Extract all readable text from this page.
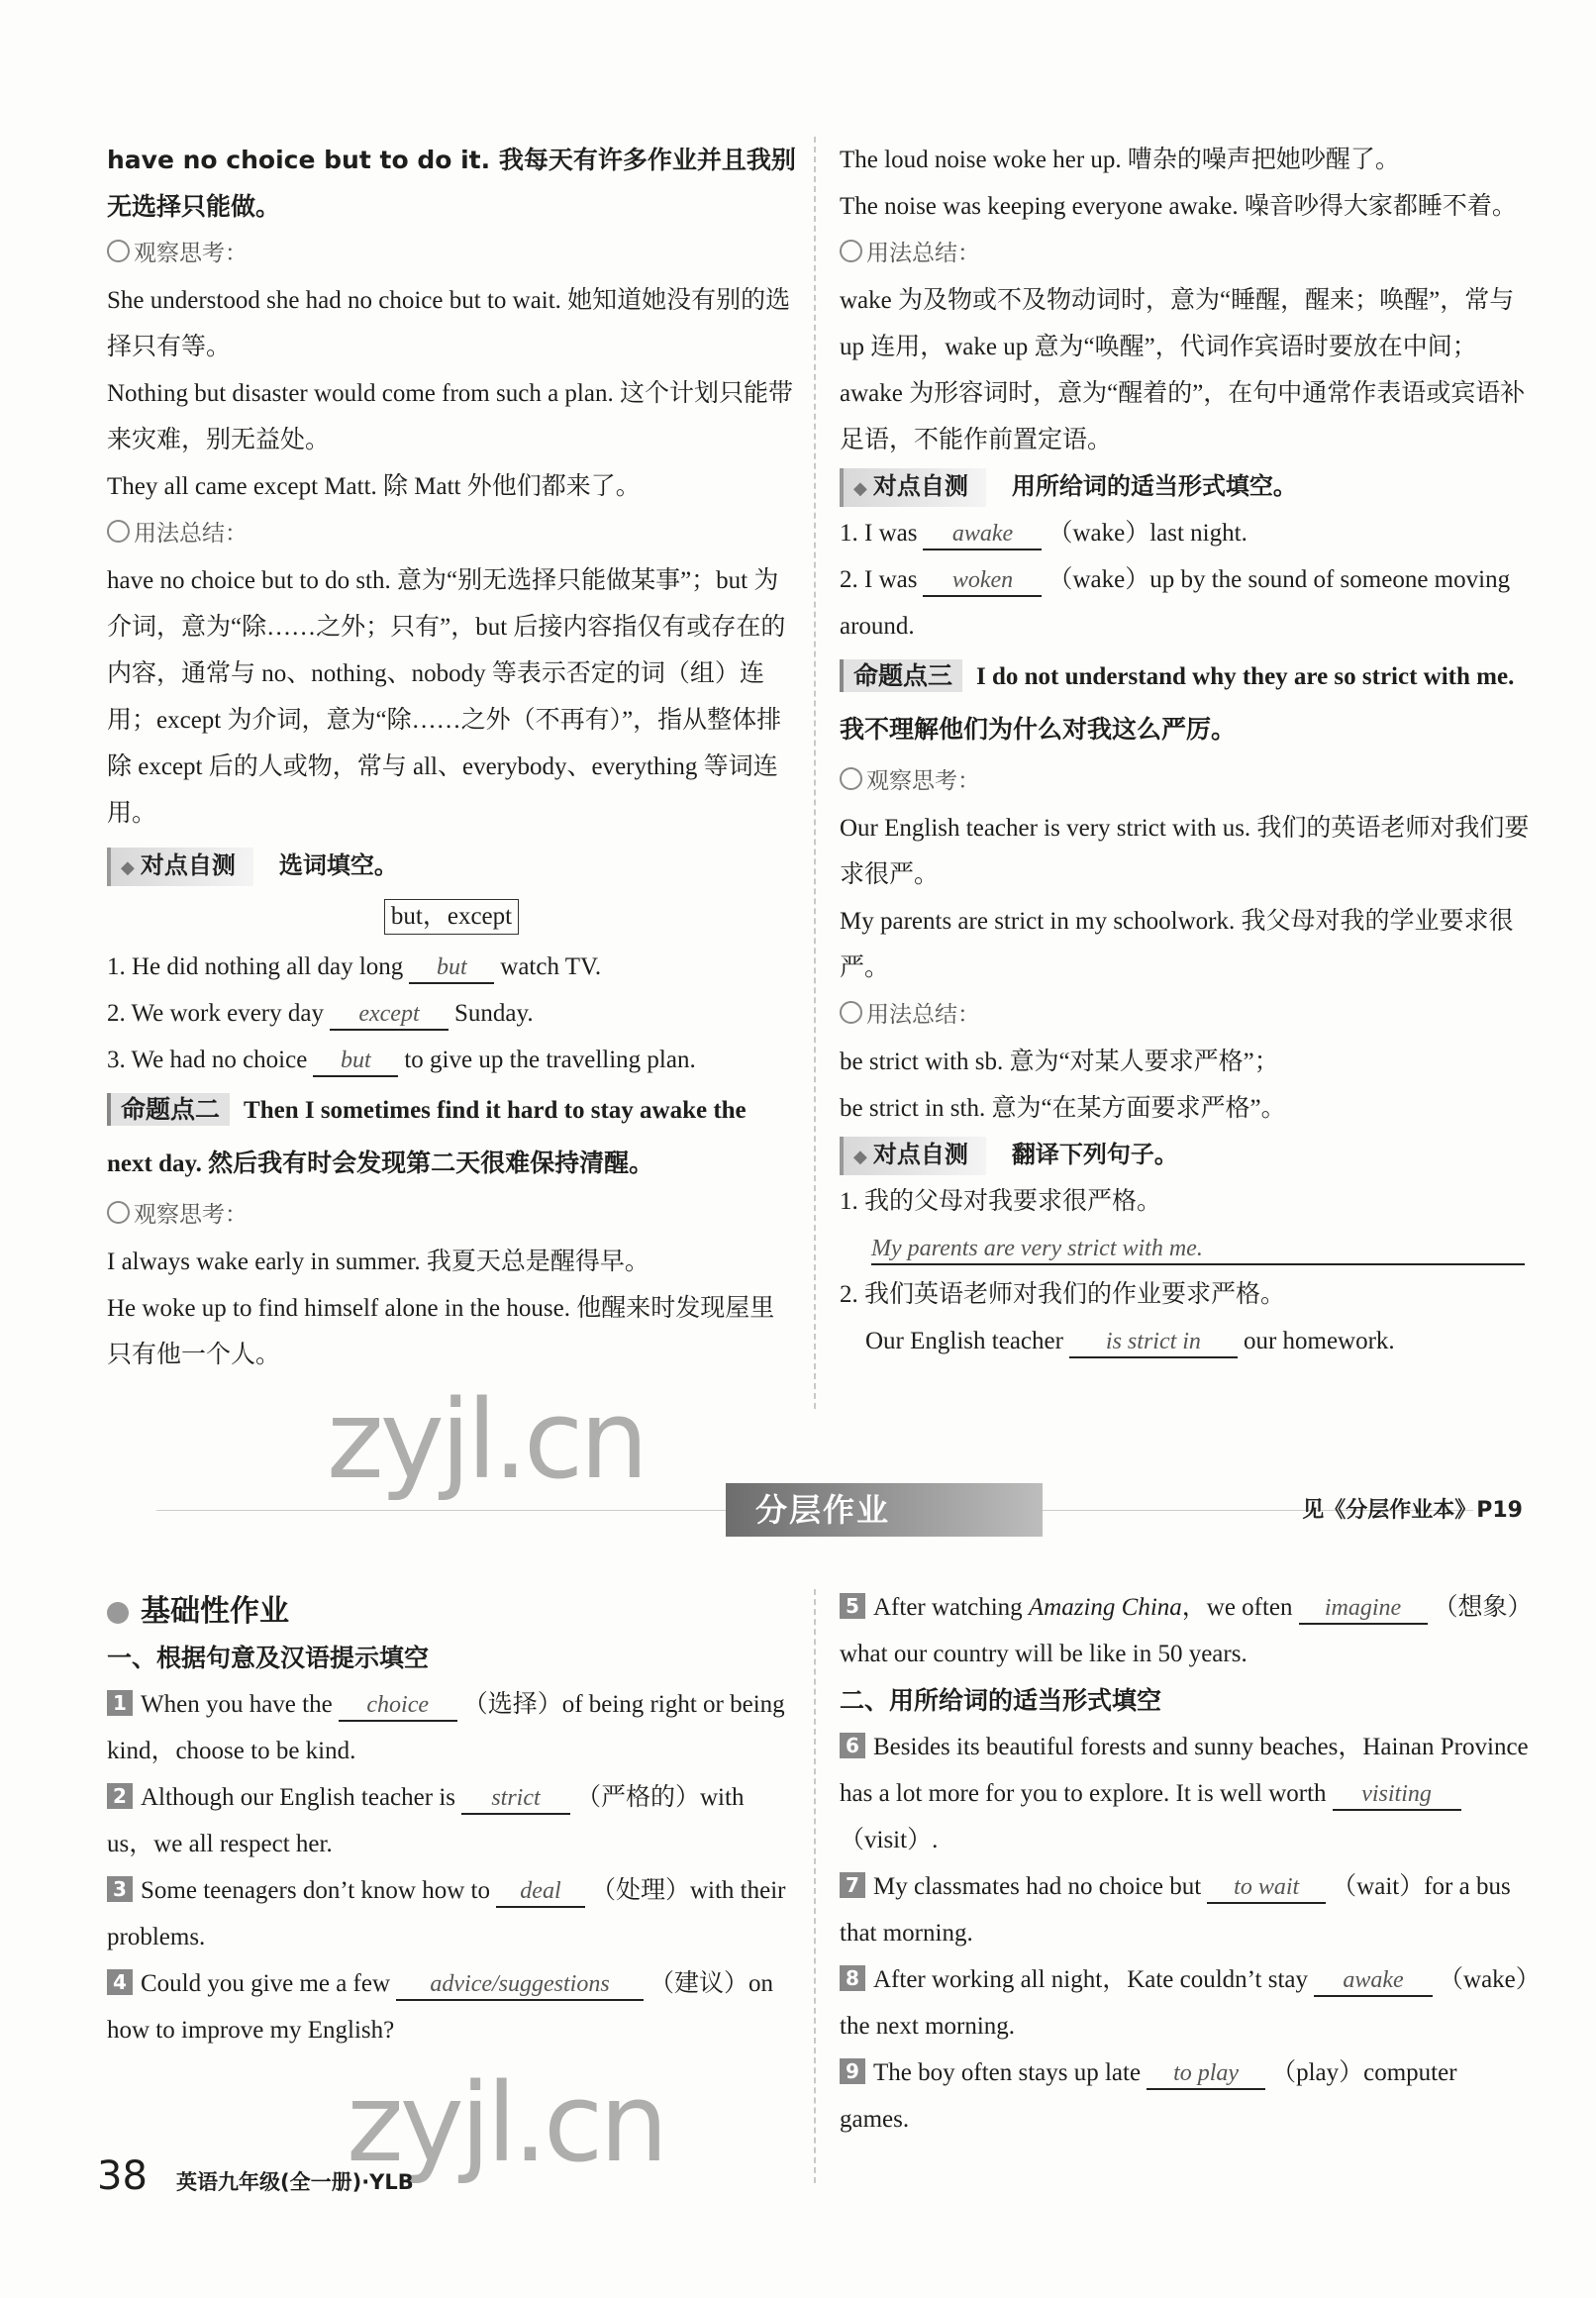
have no choice but to do it. 我每天有许多作业并且我别无选择只能做。
观察思考：
She understood she had no choice but to wait. 她知道她没有别的选择只有等。
Nothing but disaster would come from such a plan. 这个计划只能带来灾难，别无益处。
They all came except Matt. 除 Matt 外他们都来了。
用法总结：
have no choice but to do sth. 意为“别无选择只能做某事”；but 为介词，意为“除……之外；只有”，but 后接内容指仅有或存在的内容，通常与 no、nothing、nobody 等表示否定的词（组）连用；except 为介词，意为“除……之外（不再有）”，指从整体排除 except 后的人或物，常与 all、everybody、everything 等词连用。
◆ 对点自测 选词填空。
but，except
1. He did nothing all day long but watch TV.
2. We work every day except Sunday.
3. We had no choice but to give up the travelling plan.
命题点二 Then I sometimes find it hard to stay awake the next day. 然后我有时会发现第二天很难保持清醒。
观察思考：
I always wake early in summer. 我夏天总是醒得早。
He woke up to find himself alone in the house. 他醒来时发现屋里只有他一个人。
The loud noise woke her up. 嘈杂的噪声把她吵醒了。
The noise was keeping everyone awake. 噪音吵得大家都睡不着。
用法总结：
wake 为及物或不及物动词时，意为“睡醒，醒来；唤醒”，常与 up 连用，wake up 意为“唤醒”，代词作宾语时要放在中间；awake 为形容词时，意为“醒着的”，在句中通常作表语或宾语补足语，不能作前置定语。
◆ 对点自测 用所给词的适当形式填空。
1. I was awake （wake）last night.
2. I was woken （wake）up by the sound of someone moving around.
命题点三 I do not understand why they are so strict with me. 我不理解他们为什么对我这么严厉。
观察思考：
Our English teacher is very strict with us. 我们的英语老师对我们要求很严。
My parents are strict in my schoolwork. 我父母对我的学业要求很严。
用法总结：
be strict with sb. 意为“对某人要求严格”；
be strict in sth. 意为“在某方面要求严格”。
◆ 对点自测 翻译下列句子。
1. 我的父母对我要求很严格。
My parents are very strict with me.
2. 我们英语老师对我们的作业要求严格。
Our English teacher is strict in our homework.
分层作业	见《分层作业本》P19
基础性作业
一、根据句意及汉语提示填空
1 When you have the choice （选择）of being right or being kind，choose to be kind.
2 Although our English teacher is strict （严格的）with us，we all respect her.
3 Some teenagers don’t know how to deal （处理）with their problems.
4 Could you give me a few advice/suggestions （建议）on how to improve my English?
5 After watching Amazing China，we often imagine （想象）what our country will be like in 50 years.
二、用所给词的适当形式填空
6 Besides its beautiful forests and sunny beaches，Hainan Province has a lot more for you to explore. It is well worth visiting（visit）.
7 My classmates had no choice but to wait （wait）for a bus that morning.
8 After working all night，Kate couldn’t stay awake （wake）the next morning.
9 The boy often stays up late to play （play）computer games.
zyjl.cn
zyjl.cn
38 英语九年级(全一册)·YLB
